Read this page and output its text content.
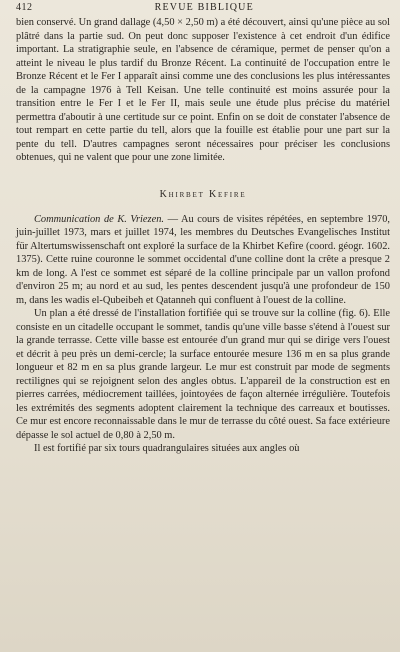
412	REVUE BIBLIQUE

bien conservé. Un grand dallage (4,50 × 2,50 m) a été découvert, ainsi qu'une pièce au sol plâtré dans la partie sud. On peut donc supposer l'existence à cet endroit d'un édifice important. La stratigraphie seule, en l'absence de céramique, permet de penser qu'on a atteint le niveau le plus tardif du Bronze Récent. La continuité de l'occupation entre le Bronze Récent et le Fer I apparaît ainsi comme une des conclusions les plus intéressantes de la campagne 1976 à Tell Keisan. Une telle continuité est moins assurée pour la transition entre le Fer I et le Fer II, mais seule une étude plus précise du matériel permettra d'aboutir à une certitude sur ce point. Enfin on se doit de constater l'absence de tout rempart en cette partie du tell, alors que la fouille est établie pour une part sur la pente du tell. D'autres campagnes seront nécessaires pour préciser les conclusions obtenues, qui ne valent que pour une zone limitée.

Khirbet Kefire

Communication de K. Vriezen. — Au cours de visites répétées, en septembre 1970, juin-juillet 1973, mars et juillet 1974, les membres du Deutsches Evangelisches Institut für Altertumswissenschaft ont exploré la surface de la Khirbet Kefire (coord. géogr. 1602. 1375). Cette ruine couronne le sommet occidental d'une colline dont la crête a presque 2 km de long. A l'est ce sommet est séparé de la colline principale par un vallon profond d'environ 25 m; au nord et au sud, les pentes descendent jusqu'à une profondeur de 150 m, dans les wadis el-Qubeibeh et Qatanneh qui confluent à l'ouest de la colline.

Un plan a été dressé de l'installation fortifiée qui se trouve sur la colline (fig. 6). Elle consiste en un citadelle occupant le sommet, tandis qu'une ville basse s'étend à l'ouest sur la grande terrasse. Cette ville basse est entourée d'un grand mur qui se dirige vers l'ouest et décrit à peu près un demi-cercle; la surface entourée mesure 136 m en sa plus grande longueur et 82 m en sa plus grande largeur. Le mur est construit par mode de segments rectilignes qui se rejoignent selon des angles obtus. L'appareil de la construction est en pierres carrées, médiocrement taillées, jointoyées de façon alternée irrégulière. Toutefois les extrémités des segments adoptent clairement la technique des carreaux et boutisses. Ce mur est encore reconnaissable dans le mur de terrasse du côté ouest. Sa face extérieure dépasse le sol actuel de 0,80 à 2,50 m.

Il est fortifié par six tours quadrangulaires situées aux angles où
